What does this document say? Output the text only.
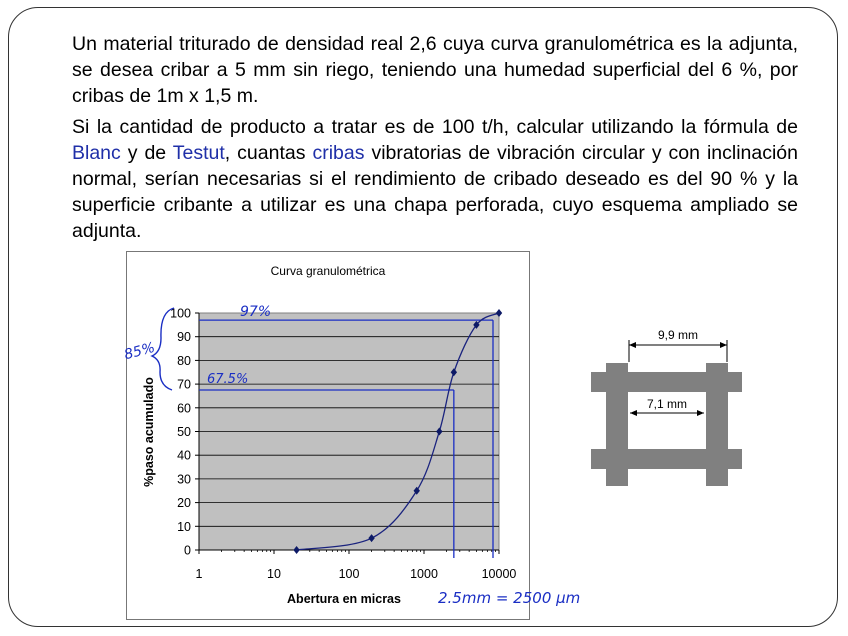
Un material triturado de densidad real 2,6 cuya curva granulométrica es la adjunta, se desea cribar a 5 mm sin riego, teniendo una humedad superficial del 6 %, por cribas de 1m x 1,5 m.
Si la cantidad de producto a tratar es de 100 t/h, calcular utilizando la fórmula de Blanc y de Testut, cuantas cribas vibratorias de vibración circular y con inclinación normal, serían necesarias si el rendimiento de cribado deseado es del 90 % y la superficie cribante a utilizar es una chapa perforada, cuyo esquema ampliado se adjunta.
0
10
20
30
40
50
60
70
80
90
100
1	10	100	1000	10000
Curva granulométrica
Abertura en micras
%paso acumulado
85%
97%
67.5%
2.5mm = 2500 μm
9,9 mm
7,1 mm
